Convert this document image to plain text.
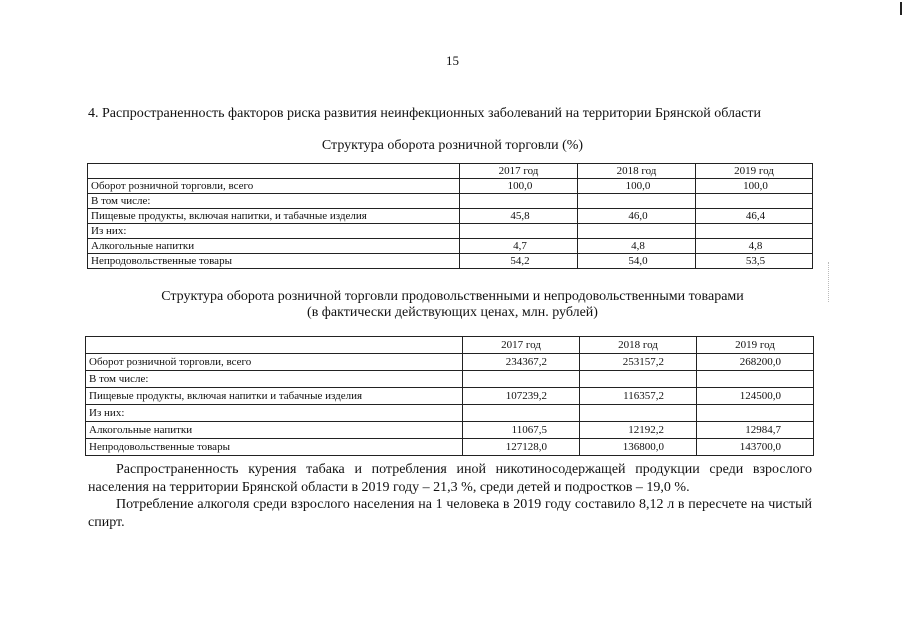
15
4. Распространенность факторов риска развития неинфекционных заболеваний на территории Брянской области
Структура оборота розничной торговли (%)
	2017 год	2018 год	2019 год
Оборот розничной торговли, всего	100,0	100,0	100,0
В том числе:			
Пищевые продукты, включая напитки, и табачные изделия	45,8	46,0	46,4
Из них:			
Алкогольные напитки	4,7	4,8	4,8
Непродовольственные товары	54,2	54,0	53,5
Структура оборота розничной торговли продовольственными и непродовольственными товарами
(в фактически действующих ценах, млн. рублей)
	2017 год	2018 год	2019 год
Оборот розничной торговли, всего	234367,2	253157,2	268200,0
В том числе:			
Пищевые продукты, включая напитки и табачные изделия	107239,2	116357,2	124500,0
Из них:			
Алкогольные напитки	11067,5	12192,2	12984,7
Непродовольственные товары	127128,0	136800,0	143700,0

Распространенность курения табака и потребления иной никотиносодержащей продукции среди взрослого населения на территории Брянской области в 2019 году – 21,3 %, среди детей и подростков – 19,0 %.

Потребление алкоголя среди взрослого населения на 1 человека в 2019 году составило 8,12 л в пересчете на чистый спирт.
